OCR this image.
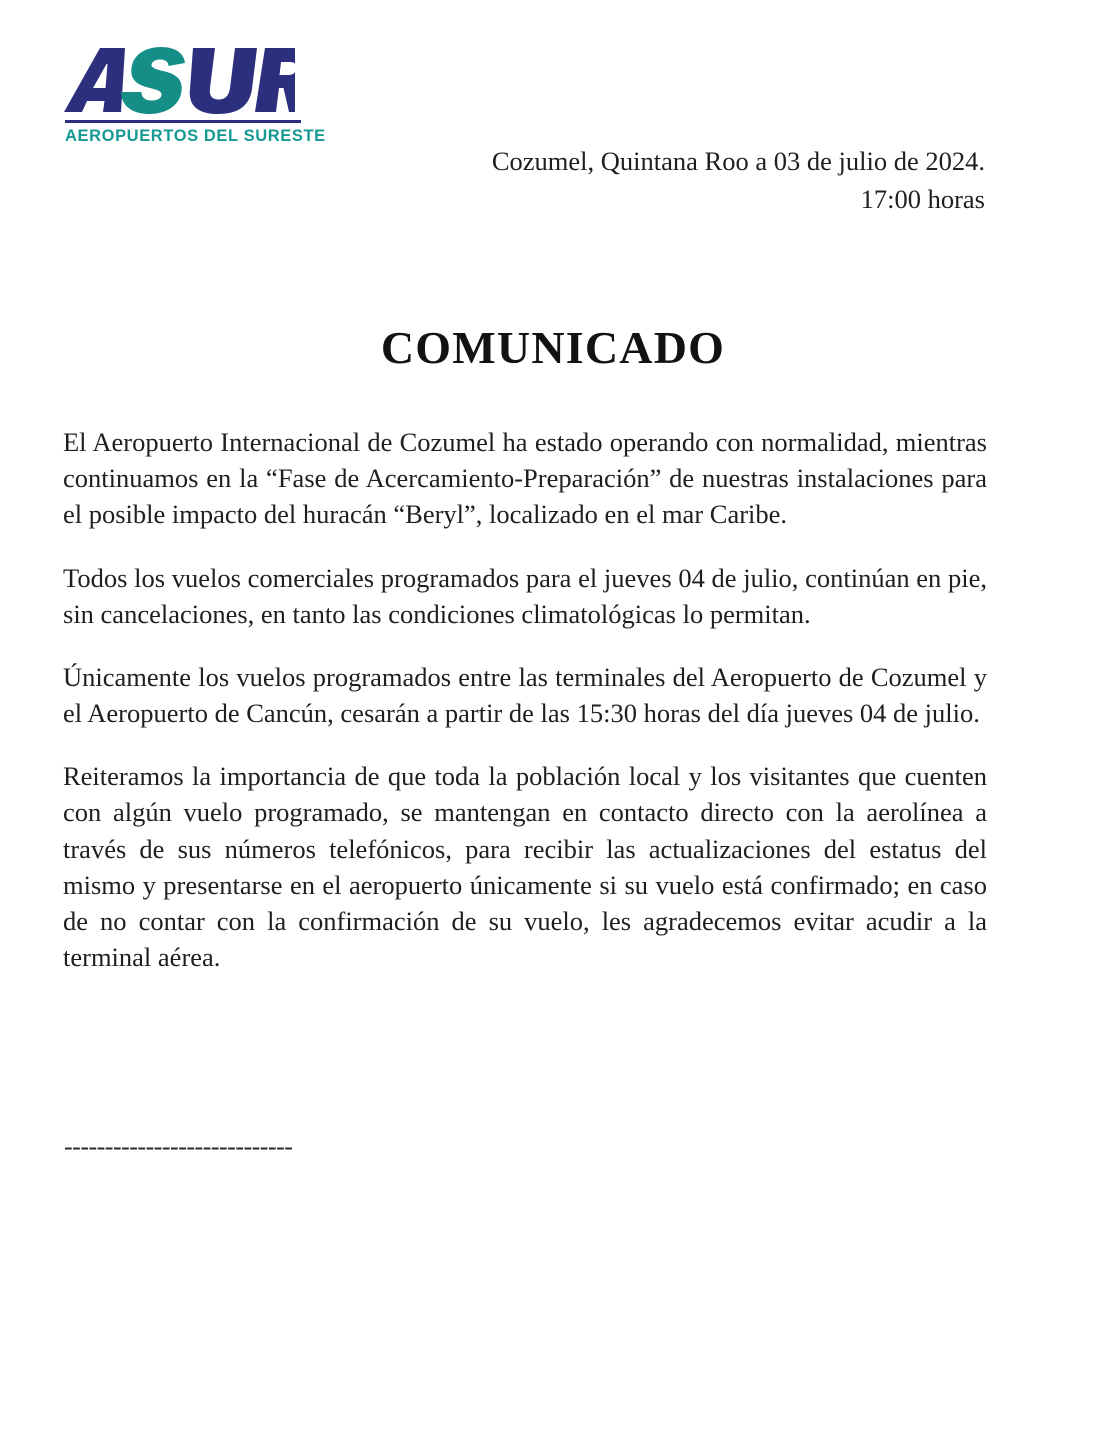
AEROPUERTOS DEL SURESTE
Cozumel, Quintana Roo a 03 de julio de 2024.
17:00 horas
COMUNICADO

El Aeropuerto Internacional de Cozumel ha estado operando con normalidad, mientras continuamos en la “Fase de Acercamiento-Preparación” de nuestras instalaciones para el posible impacto del huracán “Beryl”, localizado en el mar Caribe.

Todos los vuelos comerciales programados para el jueves 04 de julio, continúan en pie, sin cancelaciones, en tanto las condiciones climatológicas lo permitan.

Únicamente los vuelos programados entre las terminales del Aeropuerto de Cozumel y el Aeropuerto de Cancún, cesarán a partir de las 15:30 horas del día jueves 04 de julio.

Reiteramos la importancia de que toda la población local y los visitantes que cuenten con algún vuelo programado, se mantengan en contacto directo con la aerolínea a través de sus números telefónicos, para recibir las actualizaciones del estatus del mismo y presentarse en el aeropuerto únicamente si su vuelo está confirmado; en caso de no contar con la confirmación de su vuelo, les agradecemos evitar acudir a la terminal aérea.

----------------------------
